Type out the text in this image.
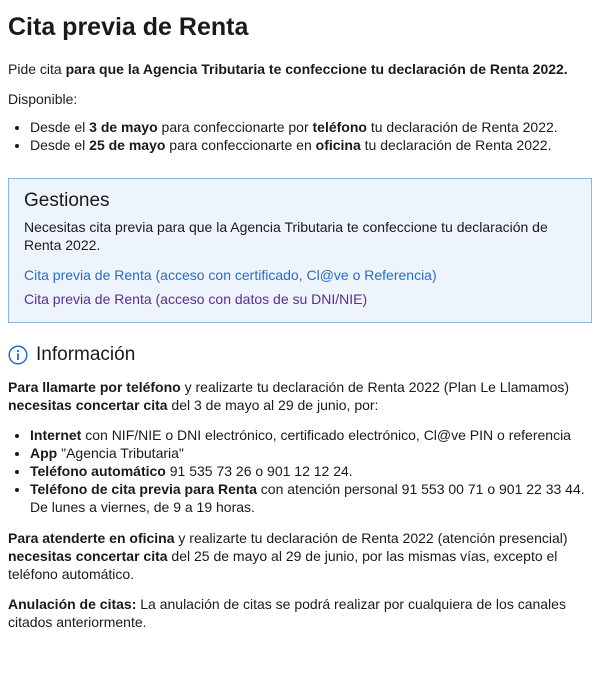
Cita previa de Renta

Pide cita para que la Agencia Tributaria te confeccione tu declaración de Renta 2022.

Disponible:

• Desde el 3 de mayo para confeccionarte por teléfono tu declaración de Renta 2022.
• Desde el 25 de mayo para confeccionarte en oficina tu declaración de Renta 2022.
Gestiones

Necesitas cita previa para que la Agencia Tributaria te confeccione tu declaración de Renta 2022.

Cita previa de Renta (acceso con certificado, Cl@ve o Referencia)
Cita previa de Renta (acceso con datos de su DNI/NIE)
Información

Para llamarte por teléfono y realizarte tu declaración de Renta 2022 (Plan Le Llamamos) necesitas concertar cita del 3 de mayo al 29 de junio, por:

• Internet con NIF/NIE o DNI electrónico, certificado electrónico, Cl@ve PIN o referencia
• App "Agencia Tributaria"
• Teléfono automático 91 535 73 26 o 901 12 12 24.
• Teléfono de cita previa para Renta con atención personal 91 553 00 71 o 901 22 33 44. De lunes a viernes, de 9 a 19 horas.

Para atenderte en oficina y realizarte tu declaración de Renta 2022 (atención presencial) necesitas concertar cita del 25 de mayo al 29 de junio, por las mismas vías, excepto el teléfono automático.

Anulación de citas: La anulación de citas se podrá realizar por cualquiera de los canales citados anteriormente.
